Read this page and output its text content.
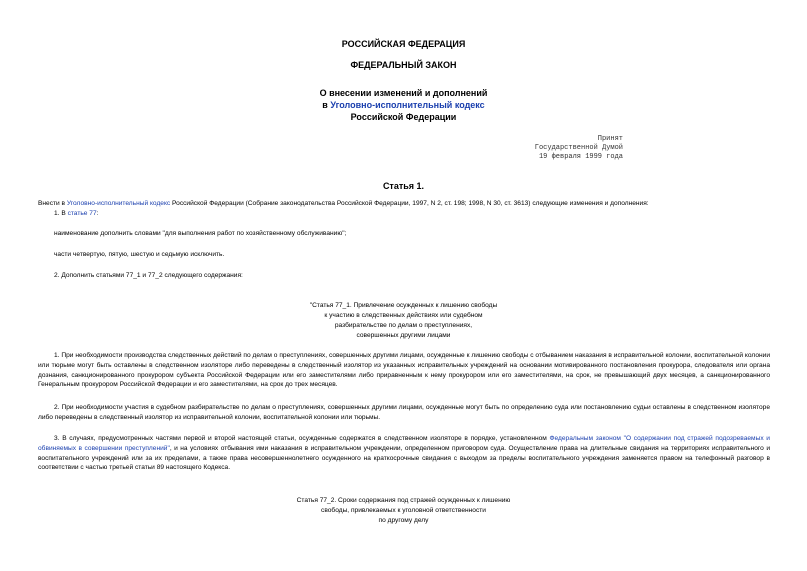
РОССИЙСКАЯ ФЕДЕРАЦИЯ
ФЕДЕРАЛЬНЫЙ ЗАКОН
О внесении изменений и дополнений
в Уголовно-исполнительный кодекс
Российской Федерации
Принят
Государственной Думой
19 февраля 1999 года
Статья 1.
Внести в Уголовно-исполнительный кодекс Российской Федерации (Собрание законодательства Российской Федерации, 1997, N 2, ст. 198; 1998, N 30, ст. 3613) следующие изменения и дополнения:
1. В статье 77:
наименование дополнить словами "для выполнения работ по хозяйственному обслуживанию";
части четвертую, пятую, шестую и седьмую исключить.
2. Дополнить статьями 77_1 и 77_2 следующего содержания:
"Статья 77_1. Привлечение осужденных к лишению свободы
к участию в следственных действиях или судебном
разбирательстве по делам о преступлениях,
совершенных другими лицами
1. При необходимости производства следственных действий по делам о преступлениях, совершенных другими лицами, осужденные к лишению свободы с отбыванием наказания в исправительной колонии, воспитательной колонии или тюрьме могут быть оставлены в следственном изоляторе либо переведены в следственный изолятор из указанных исправительных учреждений на основании мотивированного постановления прокурора, следователя или органа дознания, санкционированного прокурором субъекта Российской Федерации или его заместителями либо приравненным к нему прокурором или его заместителями, на срок, не превышающий двух месяцев, а санкционированного Генеральным прокурором Российской Федерации и его заместителями, на срок до трех месяцев.
2. При необходимости участия в судебном разбирательстве по делам о преступлениях, совершенных другими лицами, осужденные могут быть по определению суда или постановлению судьи оставлены в следственном изоляторе либо переведены в следственный изолятор из исправительной колонии, воспитательной колонии или тюрьмы.
3. В случаях, предусмотренных частями первой и второй настоящей статьи, осужденные содержатся в следственном изоляторе в порядке, установленном Федеральным законом "О содержании под стражей подозреваемых и обвиняемых в совершении преступлений", и на условиях отбывания ими наказания в исправительном учреждении, определенном приговором суда. Осуществление права на длительные свидания на территориях исправительного и воспитательного учреждений или за их пределами, а также права несовершеннолетнего осужденного на краткосрочные свидания с выходом за пределы воспитательного учреждения заменяется правом на телефонный разговор в соответствии с частью третьей статьи 89 настоящего Кодекса.
Статья 77_2. Сроки содержания под стражей осужденных к лишению
свободы, привлекаемых к уголовной ответственности
по другому делу
